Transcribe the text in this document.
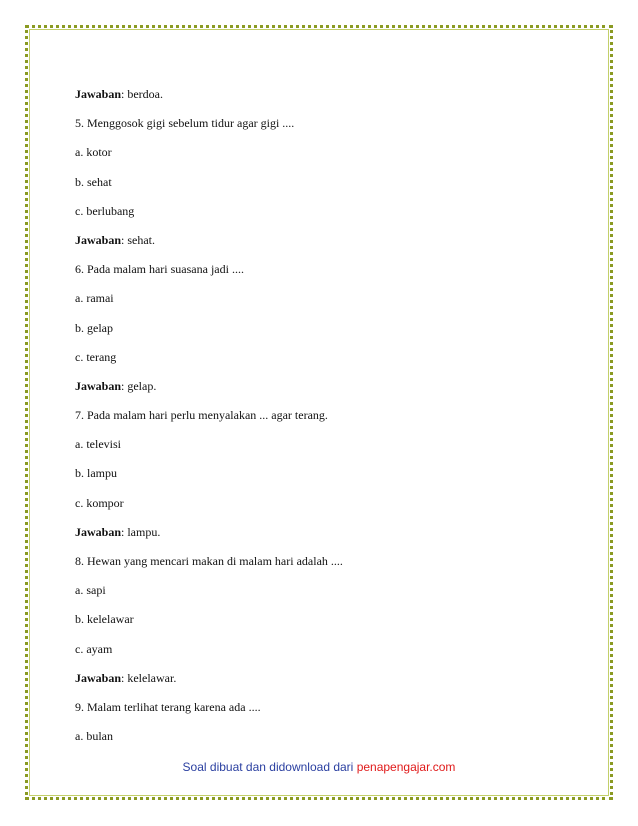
Jawaban: berdoa.
5. Menggosok gigi sebelum tidur agar gigi ....
a. kotor
b. sehat
c. berlubang
Jawaban: sehat.
6. Pada malam hari suasana jadi ....
a. ramai
b. gelap
c. terang
Jawaban: gelap.
7. Pada malam hari perlu menyalakan ... agar terang.
a. televisi
b. lampu
c. kompor
Jawaban: lampu.
8. Hewan yang mencari makan di malam hari adalah ....
a. sapi
b. kelelawar
c. ayam
Jawaban: kelelawar.
9. Malam terlihat terang karena ada ....
a. bulan
Soal dibuat dan didownload dari penapengajar.com
